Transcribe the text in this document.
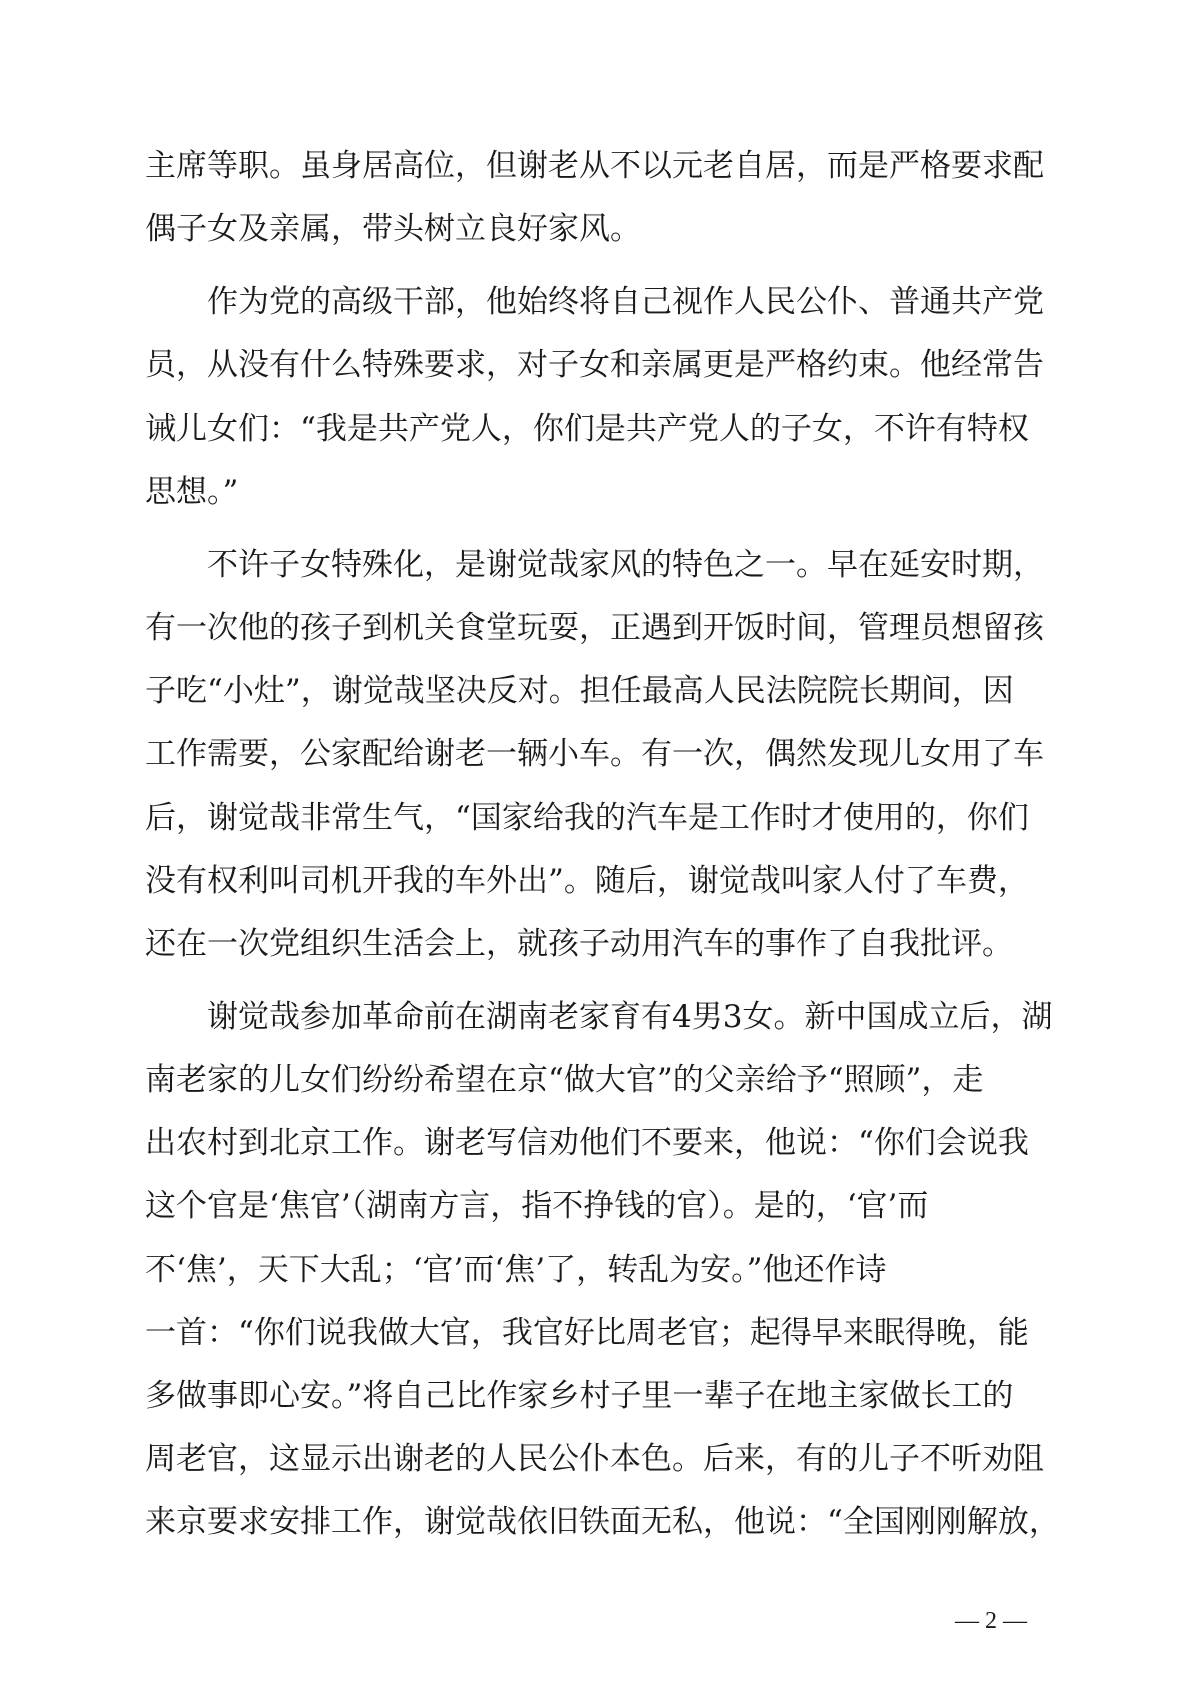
主席等职。虽身居高位，但谢老从不以元老自居，而是严格要求配
偶子女及亲属，带头树立良好家风。
　　作为党的高级干部，他始终将自己视作人民公仆、普通共产党
员，从没有什么特殊要求，对子女和亲属更是严格约束。他经常告
诫儿女们：“我是共产党人，你们是共产党人的子女，不许有特权
思想。”
　　不许子女特殊化，是谢觉哉家风的特色之一。早在延安时期，
有一次他的孩子到机关食堂玩耍，正遇到开饭时间，管理员想留孩
子吃“小灶”，谢觉哉坚决反对。担任最高人民法院院长期间，因
工作需要，公家配给谢老一辆小车。有一次，偶然发现儿女用了车
后，谢觉哉非常生气，“国家给我的汽车是工作时才使用的，你们
没有权利叫司机开我的车外出”。随后，谢觉哉叫家人付了车费，
还在一次党组织生活会上，就孩子动用汽车的事作了自我批评。
　　谢觉哉参加革命前在湖南老家育有4男3女。新中国成立后，湖
南老家的儿女们纷纷希望在京“做大官”的父亲给予“照顾”，走
出农村到北京工作。谢老写信劝他们不要来，他说：“你们会说我
这个官是‘焦官’（湖南方言，指不挣钱的官）。是的，‘官’而
不‘焦’，天下大乱；‘官’而‘焦’了，转乱为安。”他还作诗
一首：“你们说我做大官，我官好比周老官；起得早来眠得晚，能
多做事即心安。”将自己比作家乡村子里一辈子在地主家做长工的
周老官，这显示出谢老的人民公仆本色。后来，有的儿子不听劝阻
来京要求安排工作，谢觉哉依旧铁面无私，他说：“全国刚刚解放，
— 2 —
